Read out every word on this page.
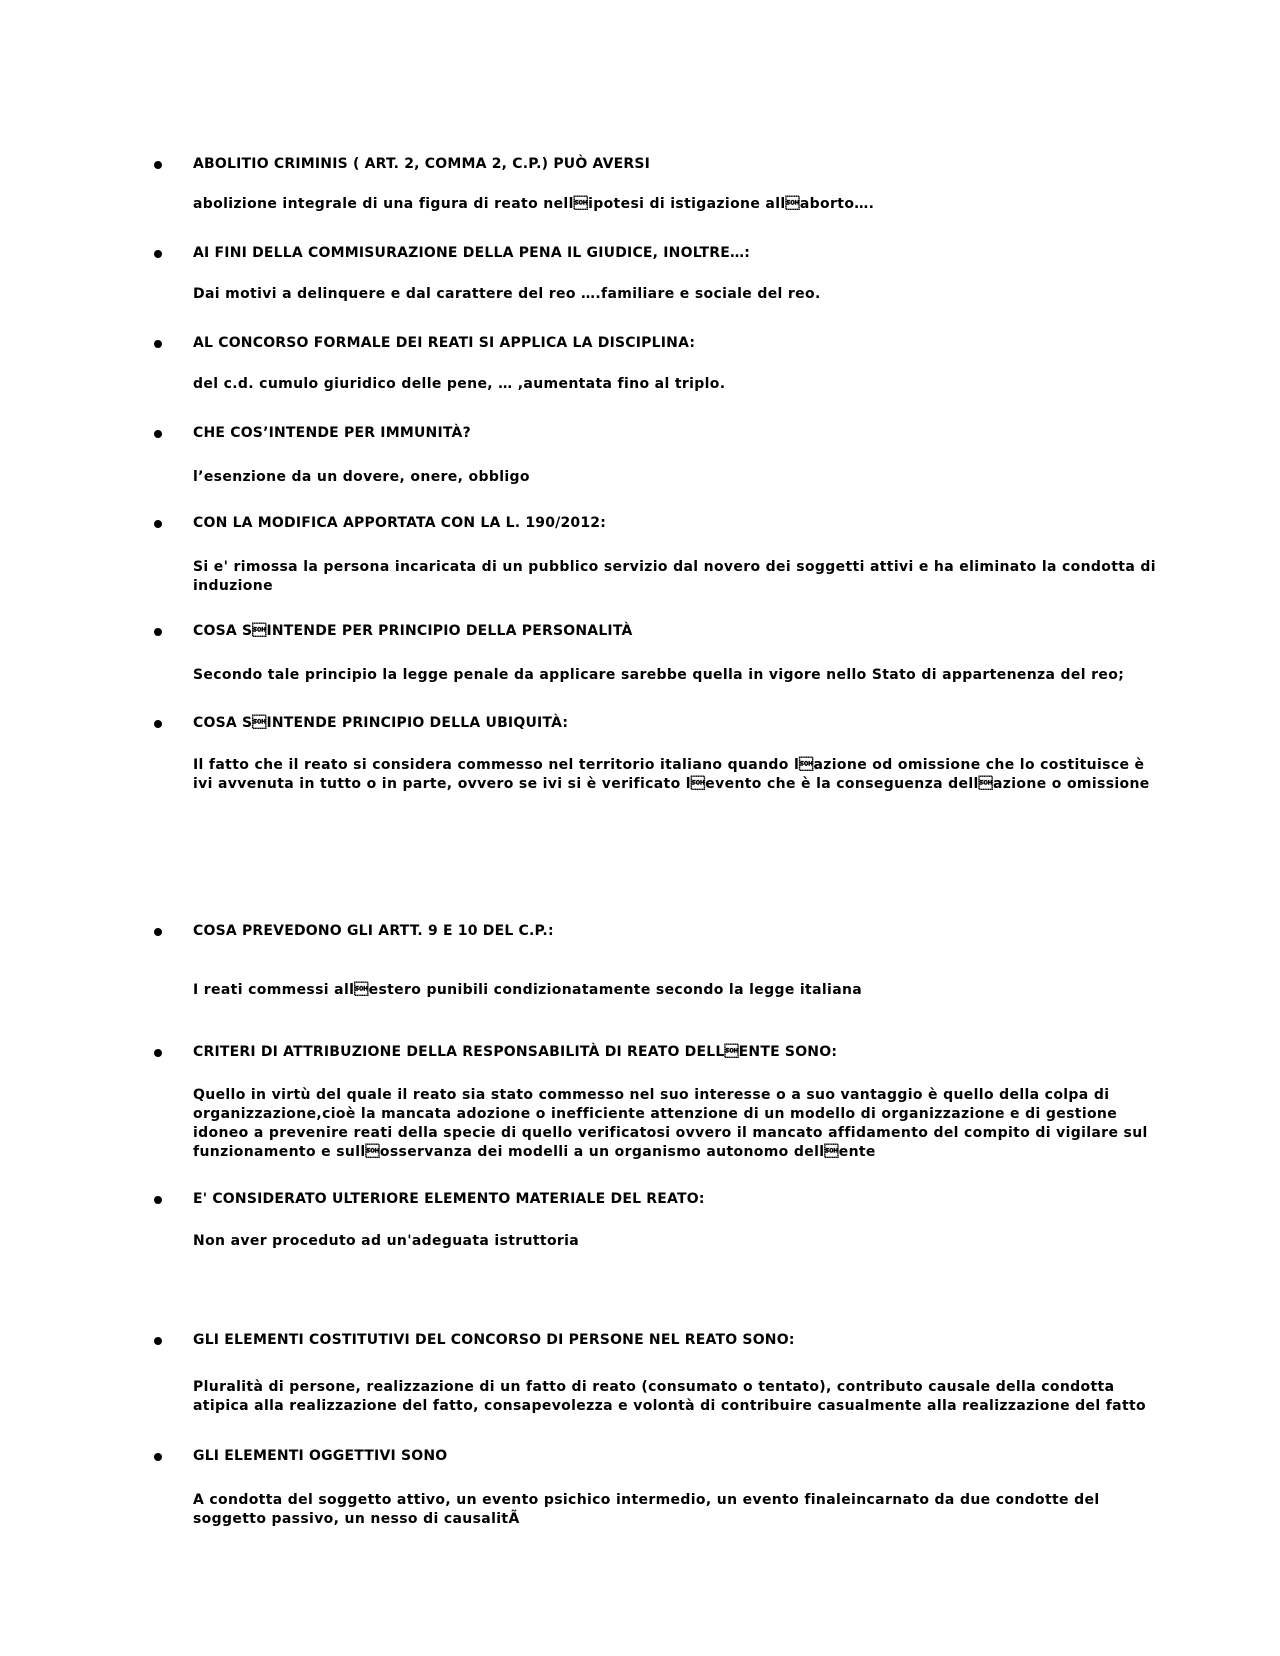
ABOLITIO CRIMINIS ( ART. 2, COMMA 2, C.P.) PUÒ AVERSI
abolizione integrale di una figura di reato nellipotesi di istigazione allaborto….
AI FINI DELLA COMMISURAZIONE DELLA PENA IL GIUDICE, INOLTRE…:
Dai motivi a delinquere e dal carattere del reo ….familiare e sociale del reo.
AL CONCORSO FORMALE DEI REATI SI APPLICA LA DISCIPLINA:
del c.d. cumulo giuridico delle pene, … ,aumentata fino al triplo.
CHE COS’INTENDE PER IMMUNITÀ?
l’esenzione da un dovere, onere, obbligo
CON LA MODIFICA APPORTATA CON LA L. 190/2012:
Si e' rimossa la persona incaricata di un pubblico servizio dal novero dei soggetti attivi e ha eliminato la condotta di induzione
COSA SINTENDE PER PRINCIPIO DELLA PERSONALITÀ
Secondo tale principio la legge penale da applicare sarebbe quella in vigore nello Stato di appartenenza del reo;
COSA SINTENDE PRINCIPIO DELLA UBIQUITÀ:
Il fatto che il reato si considera commesso nel territorio italiano quando lazione od omissione che lo costituisce è ivi avvenuta in tutto o in parte, ovvero se ivi si è verificato levento che è la conseguenza dellazione o omissione
COSA PREVEDONO GLI ARTT. 9 E 10 DEL C.P.:
I reati commessi allestero punibili condizionatamente secondo la legge italiana
CRITERI DI ATTRIBUZIONE DELLA RESPONSABILITÀ DI REATO DELLENTE SONO:
Quello in virtù del quale il reato sia stato commesso nel suo interesse o a suo vantaggio è quello della colpa di organizzazione,cioè la mancata adozione o inefficiente attenzione di un modello di organizzazione e di gestione idoneo a prevenire reati della specie di quello verificatosi ovvero il mancato affidamento del compito di vigilare sul funzionamento e sullosservanza dei modelli a un organismo autonomo dellente
E' CONSIDERATO ULTERIORE ELEMENTO MATERIALE DEL REATO:
Non aver proceduto ad un'adeguata istruttoria
GLI ELEMENTI COSTITUTIVI DEL CONCORSO DI PERSONE NEL REATO SONO:
Pluralità di persone, realizzazione di un fatto di reato (consumato o tentato), contributo causale della condotta atipica alla realizzazione del fatto, consapevolezza e volontà di contribuire casualmente alla realizzazione del fatto
GLI ELEMENTI OGGETTIVI SONO
A condotta del soggetto attivo, un evento psichico intermedio, un evento finaleincarnato da due condotte del soggetto passivo, un nesso di causalitÃ
